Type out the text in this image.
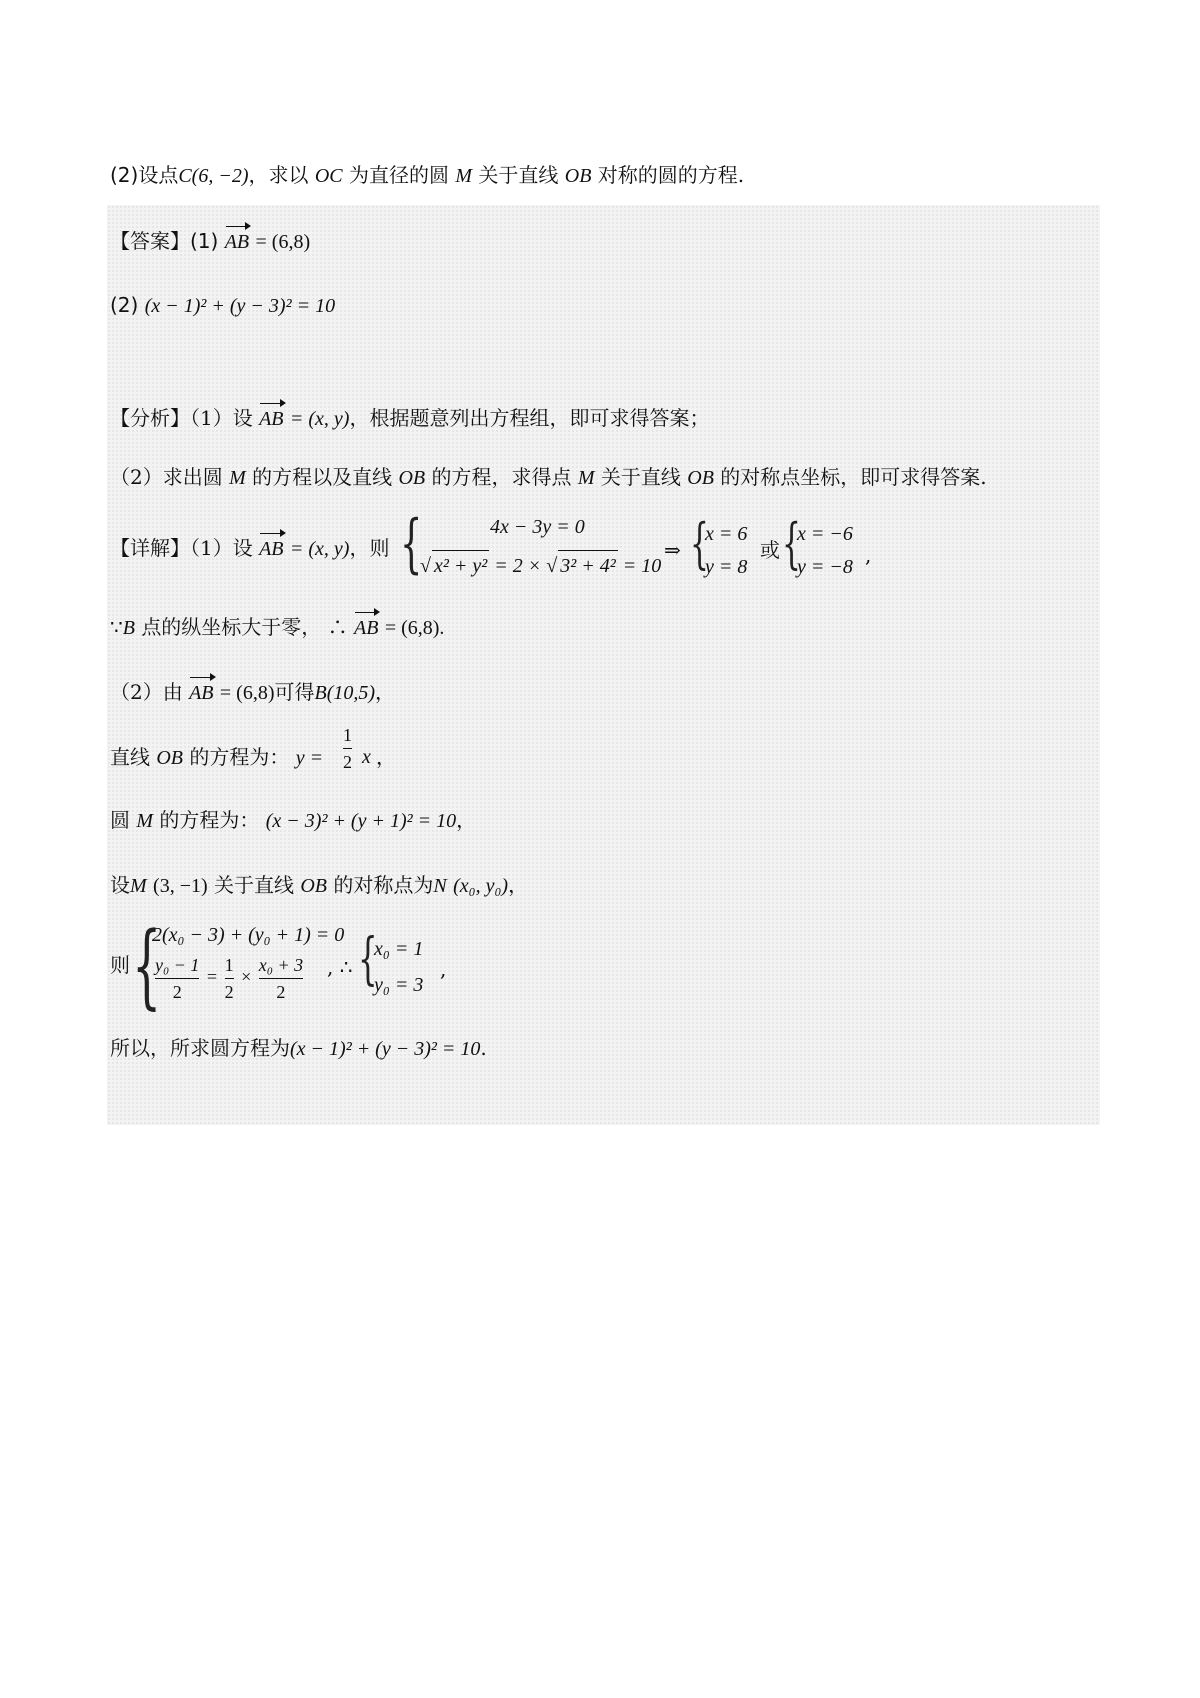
(2)设点C(6, −2)，求以 OC 为直径的圆 M 关于直线 OB 对称的圆的方程.
【答案】(1) AB = (6,8)
(2) (x − 1)² + (y − 3)² = 10
【分析】（1）设 AB = (x, y)，根据题意列出方程组，即可求得答案；
（2）求出圆 M 的方程以及直线 OB 的方程，求得点 M 关于直线 OB 的对称点坐标，即可求得答案.
【详解】（1）设 AB = (x, y)，则 {	4x − 3y = 0
√ x² + y² = 2 × √ 3² + 4² = 10
⇒ {
x = 6
y = 8
或 {
x = −6
y = −8 ,
∵B 点的纵坐标大于零， ∴ AB = (6,8).
（2）由 AB = (6,8)可得B(10,5)，
直线 OB 的方程为： $y = \frac{1}{2}$ x ，
圆 M 的方程为： (x − 3)² + (y + 1)² = 10，
设M (3, −1) 关于直线 OB 的对称点为N (x₀, y₀)，
则 {
2(x₀ − 3) + (y₀ + 1) = 0
$\frac{\text{y₀ − 1}}{2} = \frac{1}{2} \times \frac{\text{x₀ + 3}}{2}$ , ∴ {
x₀ = 1
y₀ = 3
,
所以，所求圆方程为(x − 1)² + (y − 3)² = 10.
